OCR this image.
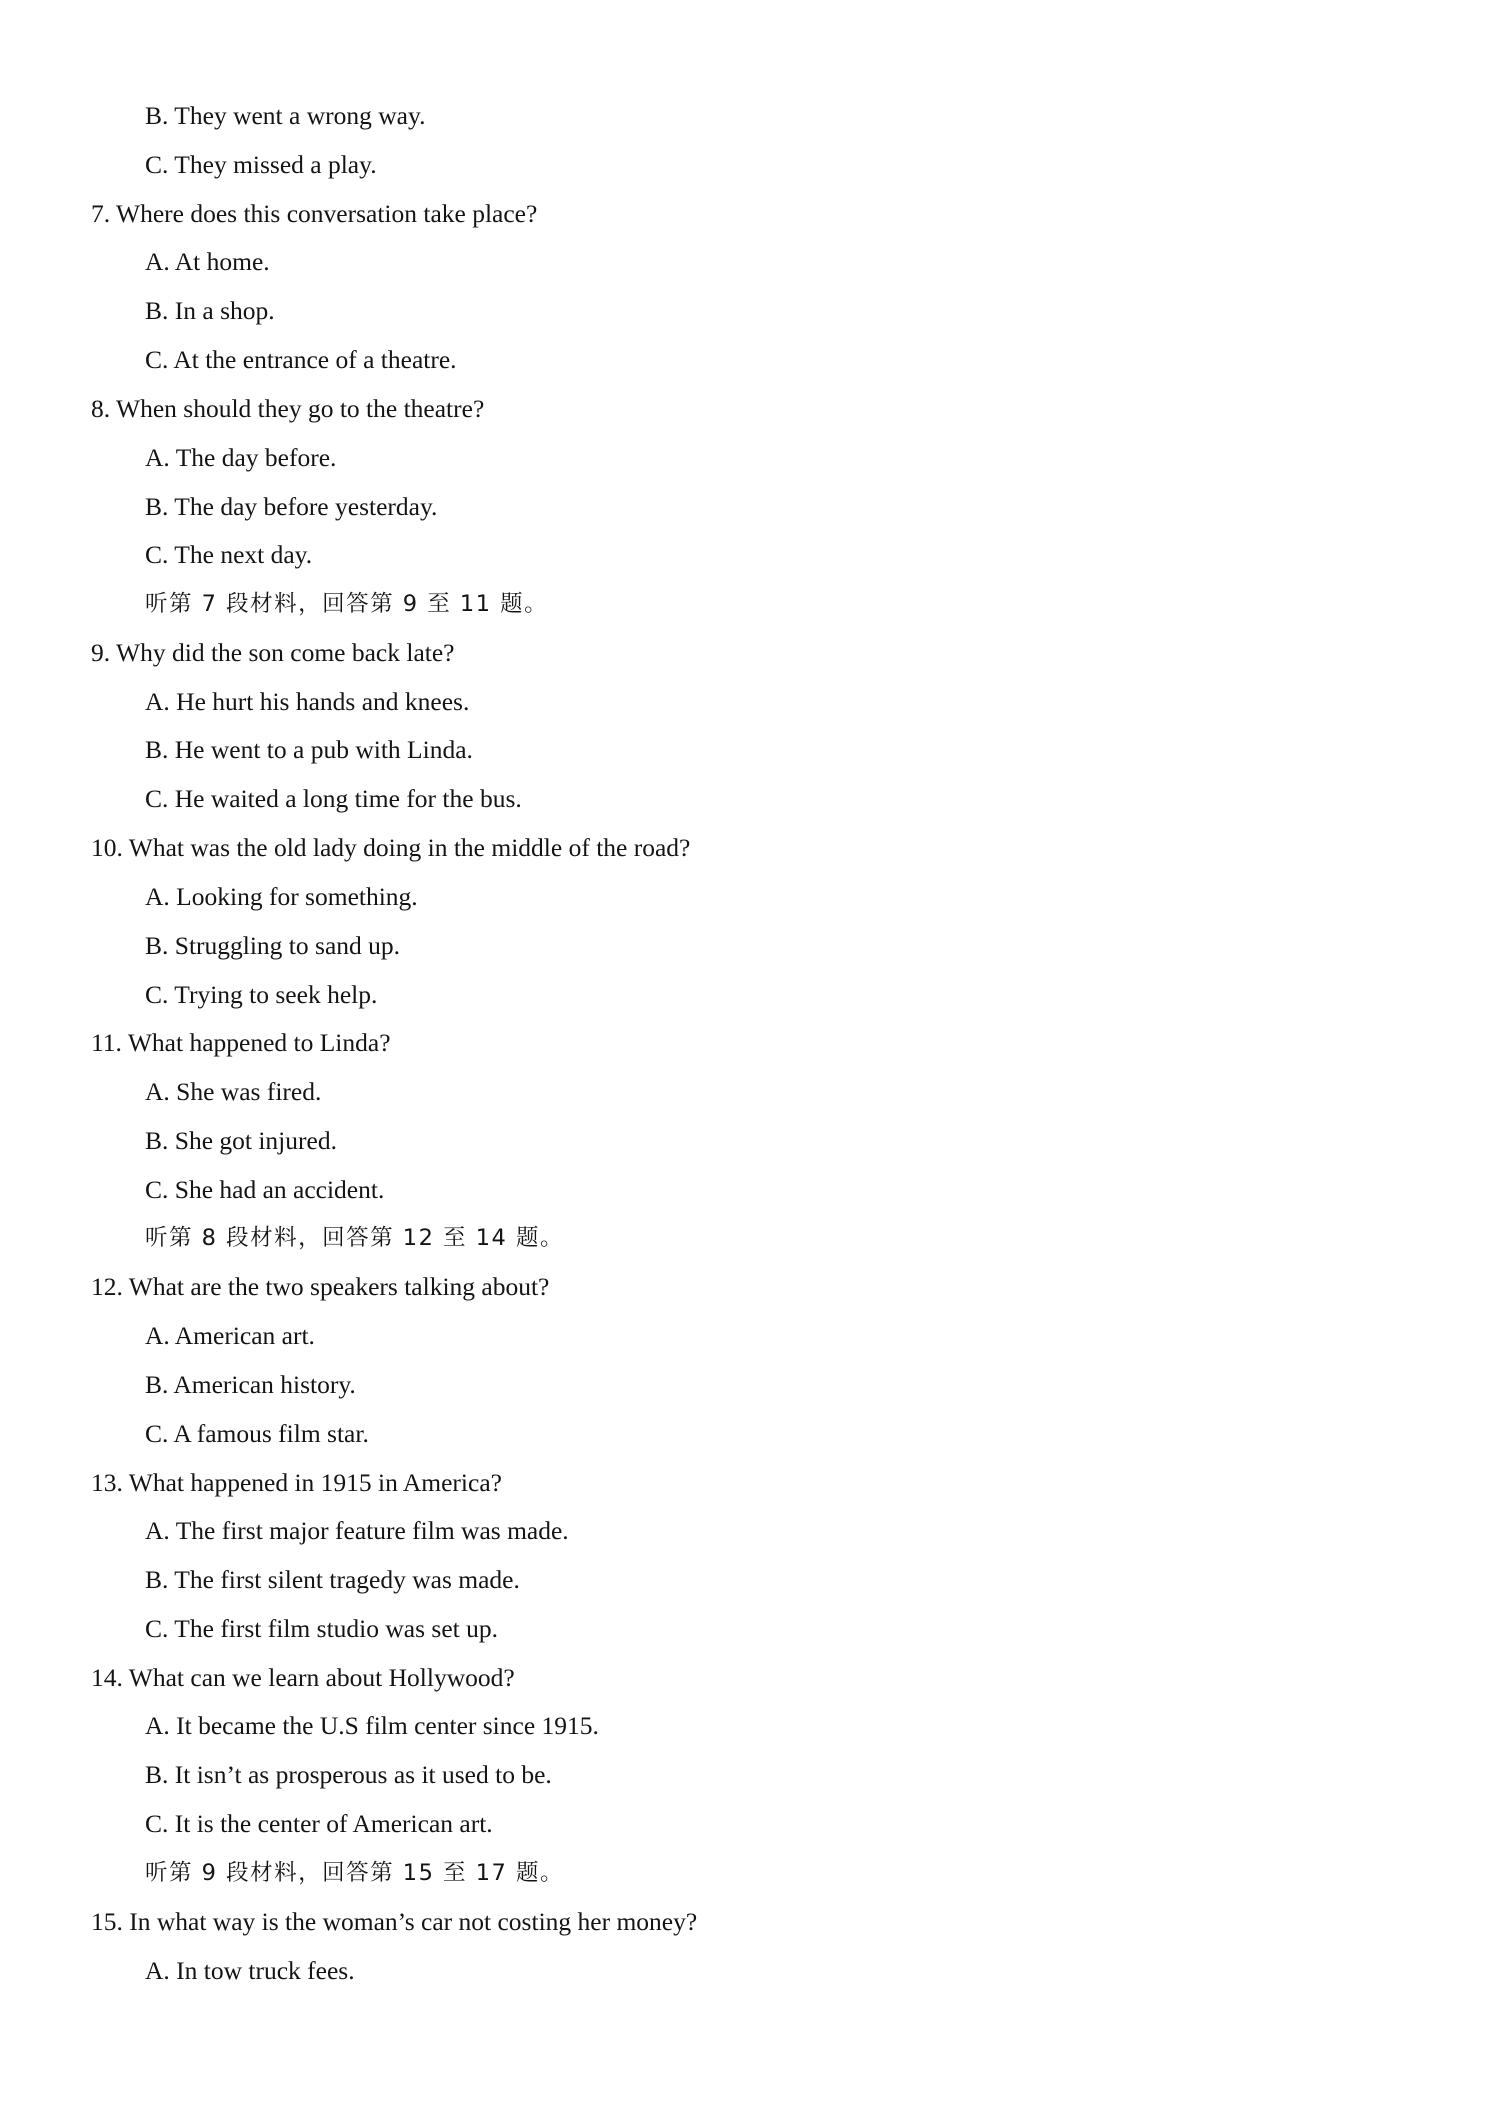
B. They went a wrong way.
C. They missed a play.
7. Where does this conversation take place?
A. At home.
B. In a shop.
C. At the entrance of a theatre.
8. When should they go to the theatre?
A. The day before.
B. The day before yesterday.
C. The next day.
听第 7 段材料，回答第 9 至 11 题。
9. Why did the son come back late?
A. He hurt his hands and knees.
B. He went to a pub with Linda.
C. He waited a long time for the bus.
10. What was the old lady doing in the middle of the road?
A. Looking for something.
B. Struggling to sand up.
C. Trying to seek help.
11. What happened to Linda?
A. She was fired.
B. She got injured.
C. She had an accident.
听第 8 段材料，回答第 12 至 14 题。
12. What are the two speakers talking about?
A. American art.
B. American history.
C. A famous film star.
13. What happened in 1915 in America?
A. The first major feature film was made.
B. The first silent tragedy was made.
C. The first film studio was set up.
14. What can we learn about Hollywood?
A. It became the U.S film center since 1915.
B. It isn’t as prosperous as it used to be.
C. It is the center of American art.
听第 9 段材料，回答第 15 至 17 题。
15. In what way is the woman’s car not costing her money?
A. In tow truck fees.
